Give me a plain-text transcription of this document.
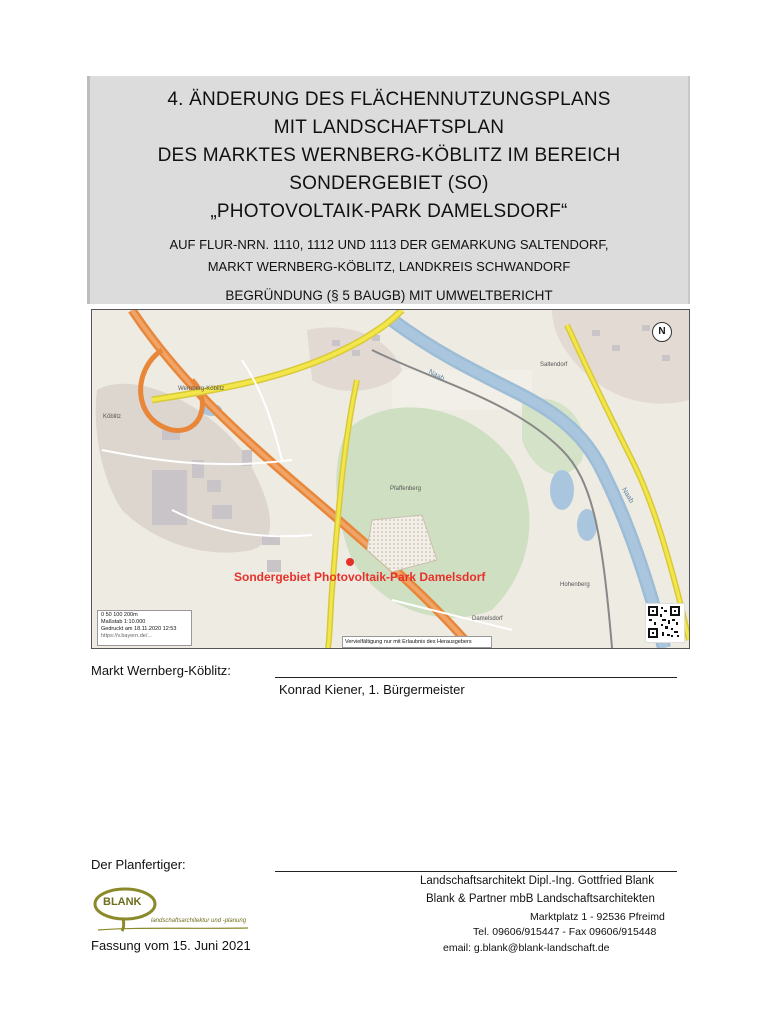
4. ÄNDERUNG DES FLÄCHENNUTZUNGSPLANS
MIT LANDSCHAFTSPLAN
DES MARKTES WERNBERG-KÖBLITZ IM BEREICH
SONDERGEBIET (SO)
„PHOTOVOLTAIK-PARK DAMELSDORF“
AUF FLUR-NRN. 1110, 1112 UND 1113 DER GEMARKUNG SALTENDORF,
MARKT WERNBERG-KÖBLITZ, LANDKREIS SCHWANDORF
BEGRÜNDUNG (§ 5 BAUGB) MIT UMWELTBERICHT
Sondergebiet Photovoltaik-Park Damelsdorf
Naab
Naab
Wernberg-Köblitz
Köblitz
Pfaffenberg
Hohenberg
Saltendorf
Damelsdorf
N
0 50 100 200m
Maßstab 1:10.000
Gedruckt am 18.11.2020 12:53
https://v.bayern.de/...
Vervielfältigung nur mit Erlaubnis des Herausgebers
Markt Wernberg-Köblitz:
Konrad Kiener, 1. Bürgermeister
Der Planfertiger:
Landschaftsarchitekt Dipl.-Ing. Gottfried Blank
Blank & Partner mbB Landschaftsarchitekten
Marktplatz 1 - 92536 Pfreimd
Tel. 09606/915447 - Fax 09606/915448
email: g.blank@blank-landschaft.de
BLANK
landschaftsarchitektur und -planung
Fassung vom 15. Juni 2021
